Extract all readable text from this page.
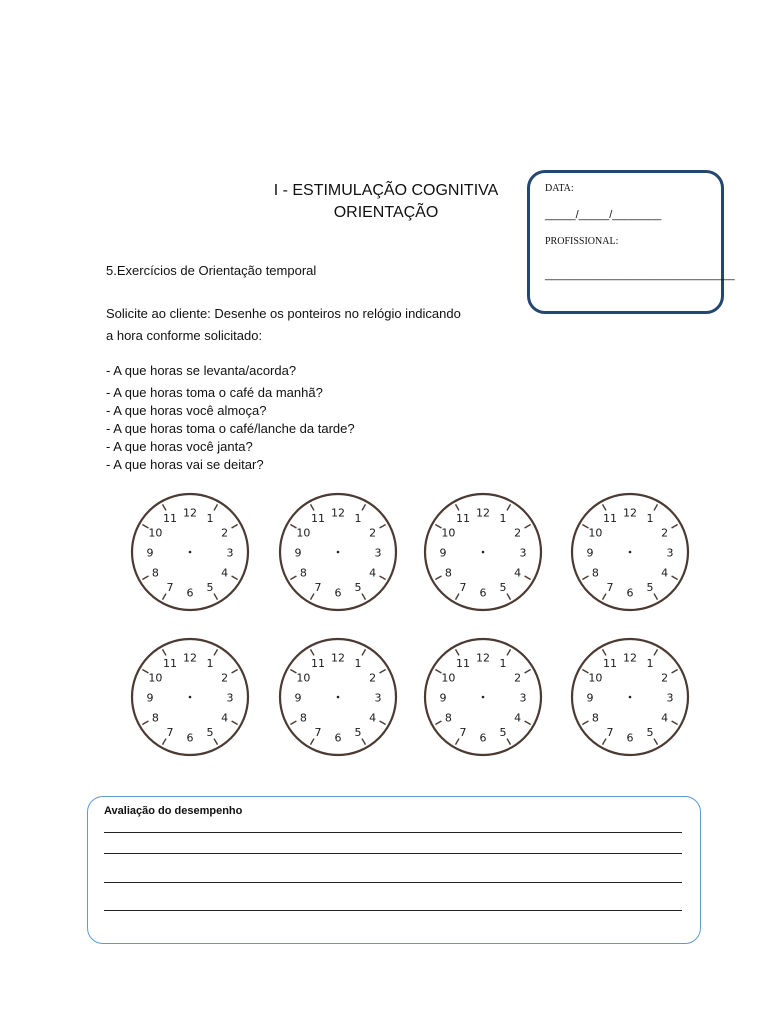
I - ESTIMULAÇÃO COGNITIVA
ORIENTAÇÃO
DATA:
_____/_____/________
PROFISSIONAL:
_______________________________
5.Exercícios de Orientação temporal
Solicite ao cliente: Desenhe os ponteiros no relógio indicando
a hora conforme solicitado:
- A que horas se levanta/acorda?
- A que horas toma o café da manhã?
- A que horas você almoça?
- A que horas toma o café/lanche da tarde?
- A que horas você janta?
- A que horas vai se deitar?
12 1
2
3
4
5
6
7
8
9
10
11	12 1
2
3
4
5
6
7
8
9
10
11	12 1
2
3
4
5
6
7
8
9
10
11	12 1
2
3
4
5
6
7
8
9
10
11
12 1
2
3
4
5
6
7
8
9
10
11	12 1
2
3
4
5
6
7
8
9
10
11	12 1
2
3
4
5
6
7
8
9
10
11	12 1
2
3
4
5
6
7
8
9
10
11
Avaliação do desempenho
